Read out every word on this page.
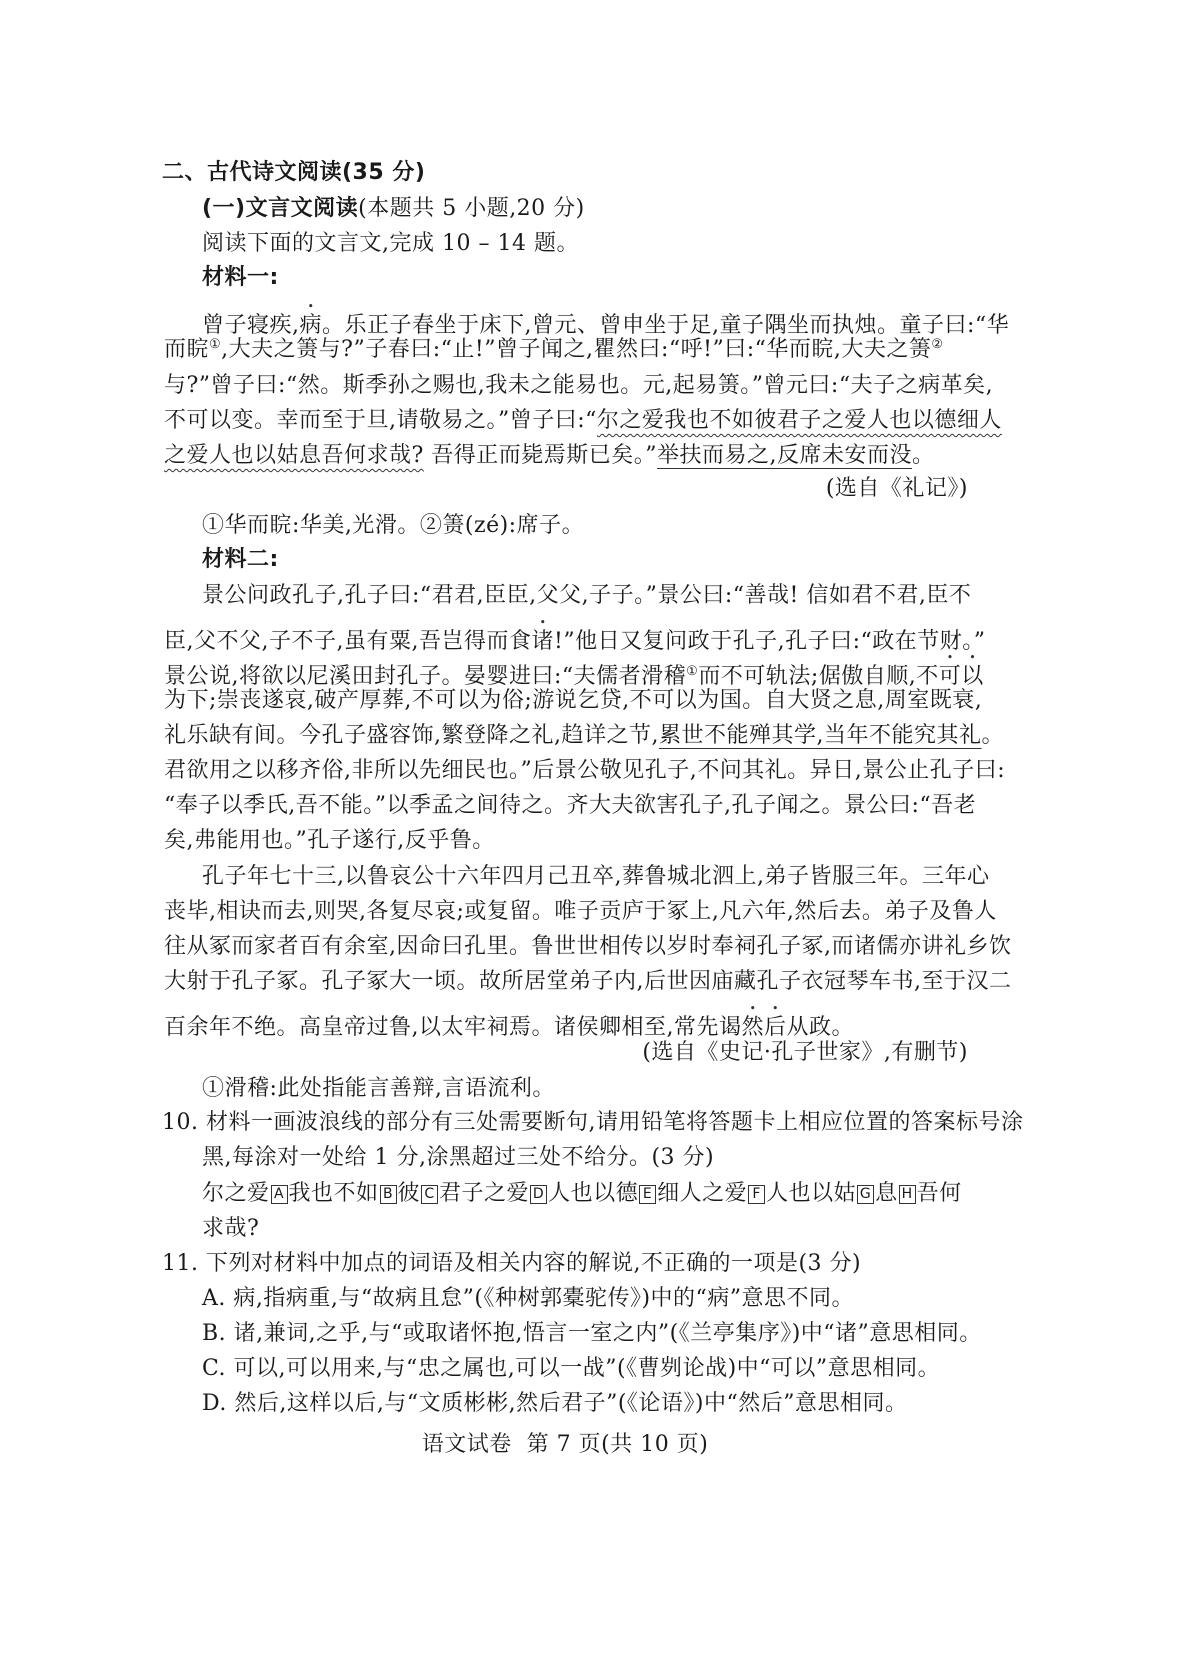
二、古代诗文阅读(35 分)
(一)文言文阅读(本题共 5 小题,20 分)
阅读下面的文言文,完成 10 – 14 题。
材料一:
曾子寝疾,病。乐正子春坐于床下,曾元、曾申坐于足,童子隅坐而执烛。童子曰:“华
而睆①,大夫之箦与?”子春曰:“止!”曾子闻之,瞿然曰:“呼!”曰:“华而睆,大夫之箦②
与?”曾子曰:“然。斯季孙之赐也,我未之能易也。元,起易箦。”曾元曰:“夫子之病革矣,
不可以变。幸而至于旦,请敬易之。”曾子曰:“尔之爱我也不如彼君子之爱人也以德细人
之爱人也以姑息吾何求哉? 吾得正而毙焉斯已矣。”举扶而易之,反席未安而没。
(选自《礼记》)
①华而睆:华美,光滑。②箦(zé):席子。
材料二:
景公问政孔子,孔子曰:“君君,臣臣,父父,子子。”景公曰:“善哉! 信如君不君,臣不
臣,父不父,子不子,虽有粟,吾岂得而食诸!”他日又复问政于孔子,孔子曰:“政在节财。”
景公说,将欲以尼溪田封孔子。晏婴进曰:“夫儒者滑稽①而不可轨法;倨傲自顺,不可以
为下;崇丧遂哀,破产厚葬,不可以为俗;游说乞贷,不可以为国。自大贤之息,周室既衰,
礼乐缺有间。今孔子盛容饰,繁登降之礼,趋详之节,累世不能殚其学,当年不能究其礼。
君欲用之以移齐俗,非所以先细民也。”后景公敬见孔子,不问其礼。异日,景公止孔子曰:
“奉子以季氏,吾不能。”以季孟之间待之。齐大夫欲害孔子,孔子闻之。景公曰:“吾老
矣,弗能用也。”孔子遂行,反乎鲁。
孔子年七十三,以鲁哀公十六年四月己丑卒,葬鲁城北泗上,弟子皆服三年。三年心
丧毕,相诀而去,则哭,各复尽哀;或复留。唯子贡庐于冢上,凡六年,然后去。弟子及鲁人
往从冢而家者百有余室,因命曰孔里。鲁世世相传以岁时奉祠孔子冢,而诸儒亦讲礼乡饮
大射于孔子冢。孔子冢大一顷。故所居堂弟子内,后世因庙藏孔子衣冠琴车书,至于汉二
百余年不绝。高皇帝过鲁,以太牢祠焉。诸侯卿相至,常先谒然后从政。
(选自《史记·孔子世家》,有删节)
①滑稽:此处指能言善辩,言语流利。
10. 材料一画波浪线的部分有三处需要断句,请用铅笔将答题卡上相应位置的答案标号涂
黑,每涂对一处给 1 分,涂黑超过三处不给分。(3 分)
尔之爱 A 我也不如 B 彼 C 君子之爱 D 人也以德 E 细人之爱 F 人也以姑 G 息 H 吾何
求哉?
11. 下列对材料中加点的词语及相关内容的解说,不正确的一项是(3 分)
A. 病,指病重,与“故病且怠”(《种树郭橐驼传》)中的“病”意思不同。
B. 诸,兼词,之乎,与“或取诸怀抱,悟言一室之内”(《兰亭集序》)中“诸”意思相同。
C. 可以,可以用来,与“忠之属也,可以一战”(《曹刿论战)中“可以”意思相同。
D. 然后,这样以后,与“文质彬彬,然后君子”(《论语》)中“然后”意思相同。
语文试卷  第 7 页(共 10 页)
